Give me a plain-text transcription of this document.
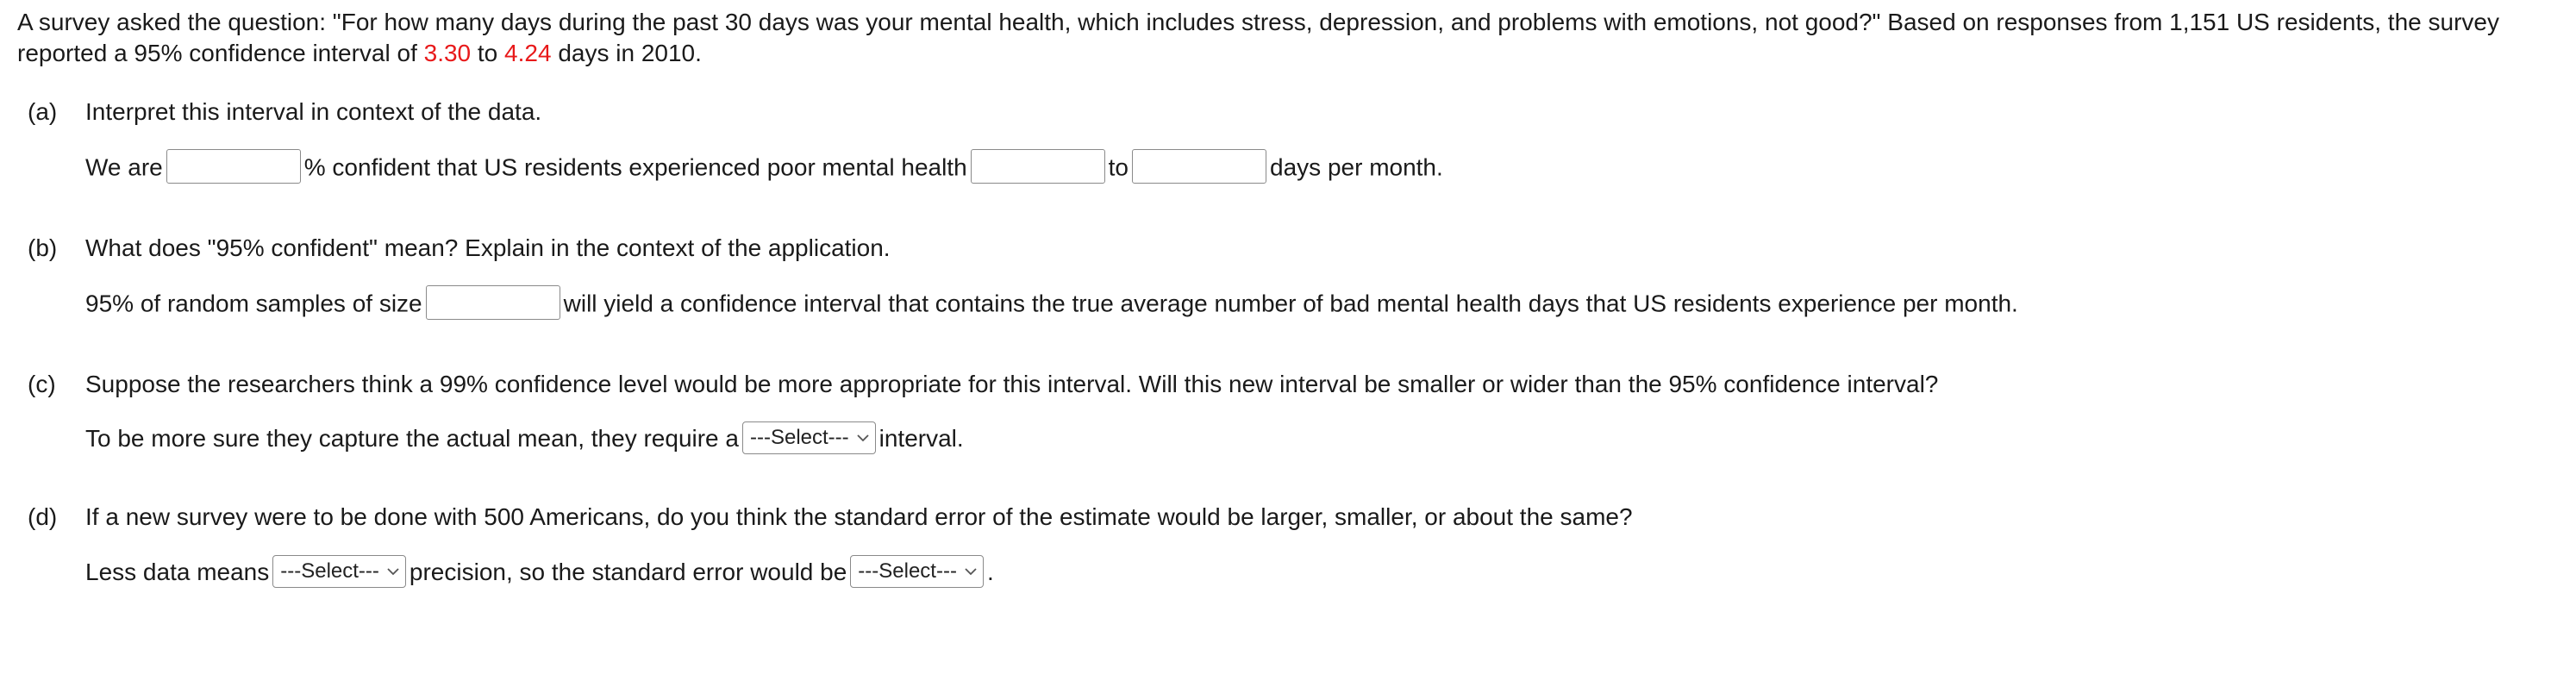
A survey asked the question: "For how many days during the past 30 days was your mental health, which includes stress, depression, and problems with emotions, not good?" Based on responses from 1,151 US residents, the survey reported a 95% confidence interval of 3.30 to 4.24 days in 2010.
(a) Interpret this interval in context of the data.
We are	% confident that US residents experienced poor mental health	to	days per month.
(b) What does "95% confident" mean? Explain in the context of the application.
95% of random samples of size	will yield a confidence interval that contains the true average number of bad mental health days that US residents experience per month.
(c) Suppose the researchers think a 99% confidence level would be more appropriate for this interval. Will this new interval be smaller or wider than the 95% confidence interval?
To be more sure they capture the actual mean, they require a ---Select--- interval.
(d) If a new survey were to be done with 500 Americans, do you think the standard error of the estimate would be larger, smaller, or about the same?
Less data means ---Select--- precision, so the standard error would be ---Select--- .
